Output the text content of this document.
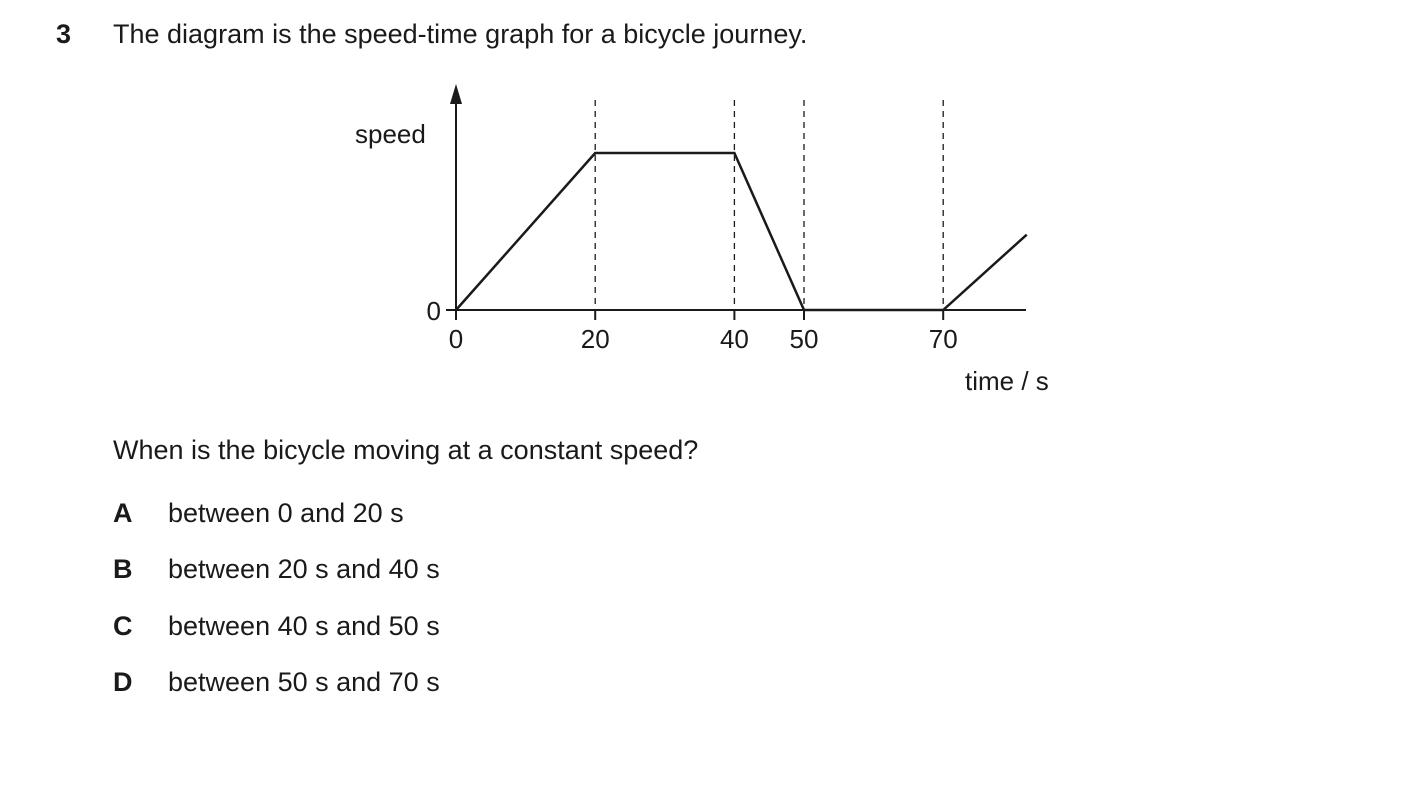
3 The diagram is the speed-time graph for a bicycle journey.
0	20	40 50	70
speed
0
time / s
When is the bicycle moving at a constant speed?
A	between 0 and 20 s
B	between 20 s and 40 s
C	between 40 s and 50 s
D	between 50 s and 70 s
